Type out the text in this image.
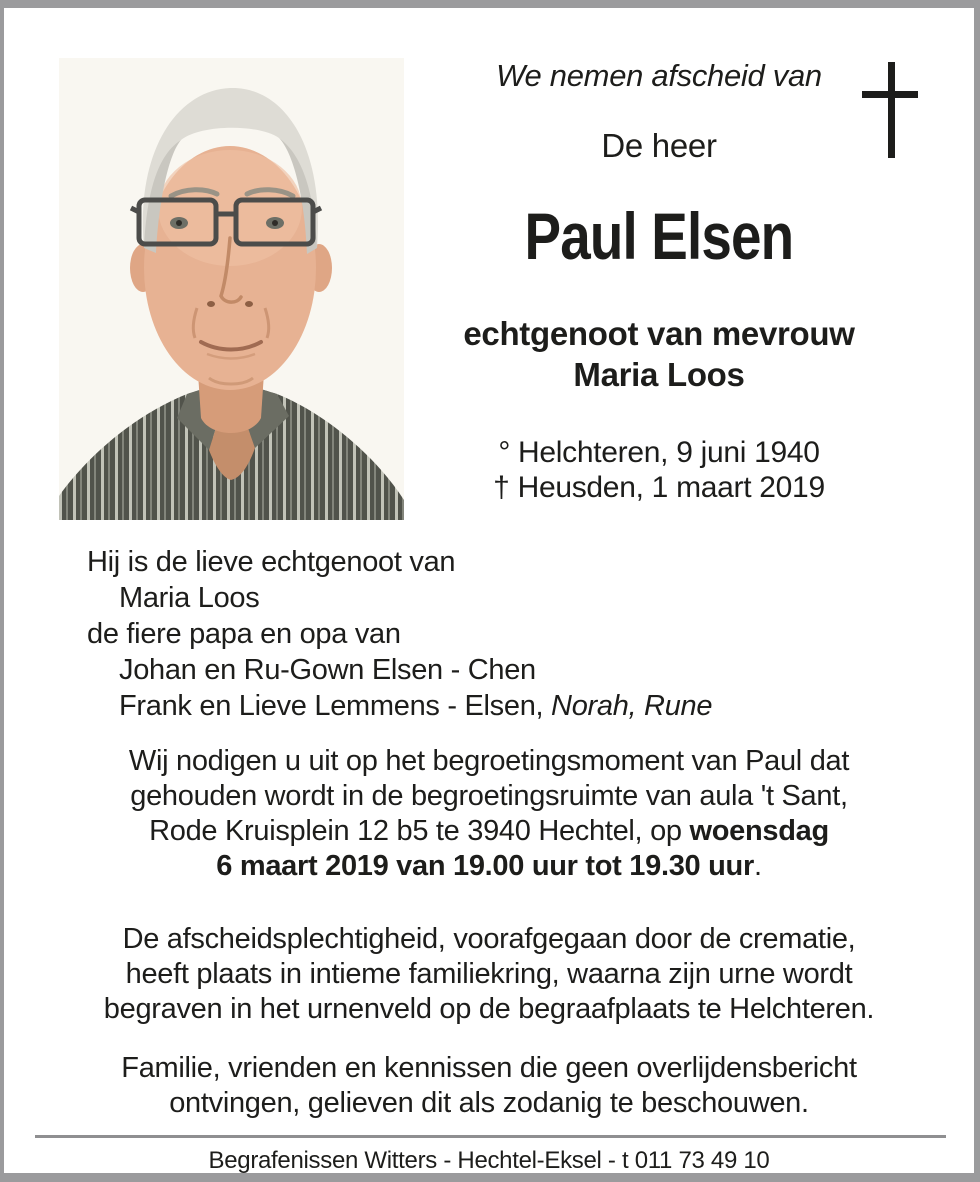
We nemen afscheid van
De heer
Paul Elsen
echtgenoot van mevrouw
Maria Loos
° Helchteren, 9 juni 1940
† Heusden, 1 maart 2019
Hij is de lieve echtgenoot van
Maria Loos
de fiere papa en opa van
Johan en Ru-Gown Elsen - Chen
Frank en Lieve Lemmens - Elsen, Norah, Rune
Wij nodigen u uit op het begroetingsmoment van Paul dat
gehouden wordt in de begroetingsruimte van aula 't Sant,
Rode Kruisplein 12 b5 te 3940 Hechtel, op woensdag
6 maart 2019 van 19.00 uur tot 19.30 uur.
De afscheidsplechtigheid, voorafgegaan door de crematie,
heeft plaats in intieme familiekring, waarna zijn urne wordt
begraven in het urnenveld op de begraafplaats te Helchteren.
Familie, vrienden en kennissen die geen overlijdensbericht
ontvingen, gelieven dit als zodanig te beschouwen.
Begrafenissen Witters - Hechtel-Eksel - t 011 73 49 10
